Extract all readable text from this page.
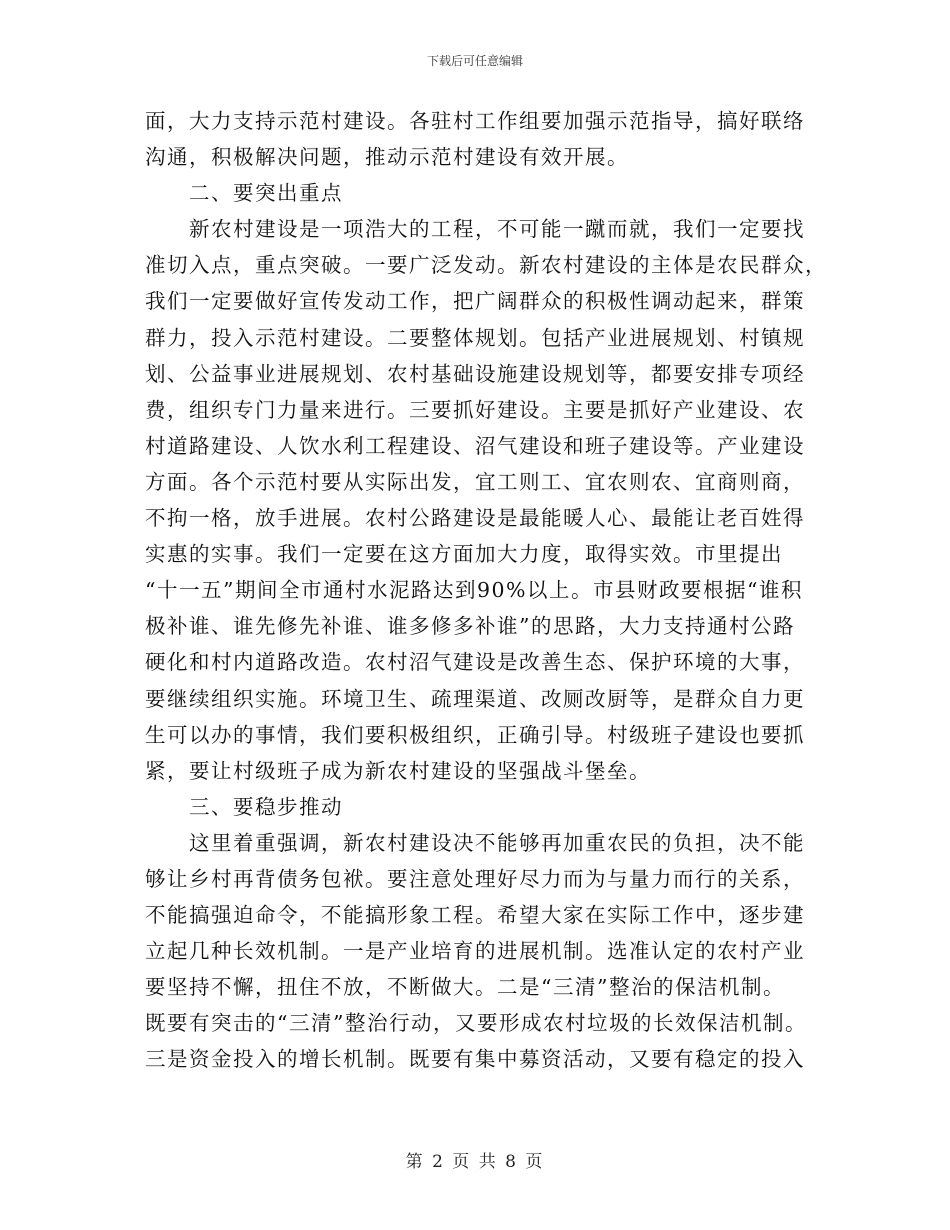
下载后可任意编辑
面，大力支持示范村建设。各驻村工作组要加强示范指导，搞好联络
沟通，积极解决问题，推动示范村建设有效开展。
二、要突出重点
新农村建设是一项浩大的工程，不可能一蹴而就，我们一定要找
准切入点，重点突破。一要广泛发动。新农村建设的主体是农民群众，
我们一定要做好宣传发动工作，把广阔群众的积极性调动起来，群策
群力，投入示范村建设。二要整体规划。包括产业进展规划、村镇规
划、公益事业进展规划、农村基础设施建设规划等，都要安排专项经
费，组织专门力量来进行。三要抓好建设。主要是抓好产业建设、农
村道路建设、人饮水利工程建设、沼气建设和班子建设等。产业建设
方面。各个示范村要从实际出发，宜工则工、宜农则农、宜商则商，
不拘一格，放手进展。农村公路建设是最能暖人心、最能让老百姓得
实惠的实事。我们一定要在这方面加大力度，取得实效。市里提出
“十一五”期间全市通村水泥路达到90%以上。市县财政要根据“谁积
极补谁、谁先修先补谁、谁多修多补谁”的思路，大力支持通村公路
硬化和村内道路改造。农村沼气建设是改善生态、保护环境的大事，
要继续组织实施。环境卫生、疏理渠道、改厕改厨等，是群众自力更
生可以办的事情，我们要积极组织，正确引导。村级班子建设也要抓
紧，要让村级班子成为新农村建设的坚强战斗堡垒。
三、要稳步推动
这里着重强调，新农村建设决不能够再加重农民的负担，决不能
够让乡村再背债务包袱。要注意处理好尽力而为与量力而行的关系，
不能搞强迫命令，不能搞形象工程。希望大家在实际工作中，逐步建
立起几种长效机制。一是产业培育的进展机制。选准认定的农村产业
要坚持不懈，扭住不放，不断做大。二是“三清”整治的保洁机制。
既要有突击的“三清”整治行动，又要形成农村垃圾的长效保洁机制。
三是资金投入的增长机制。既要有集中募资活动，又要有稳定的投入
第 2 页 共 8 页
